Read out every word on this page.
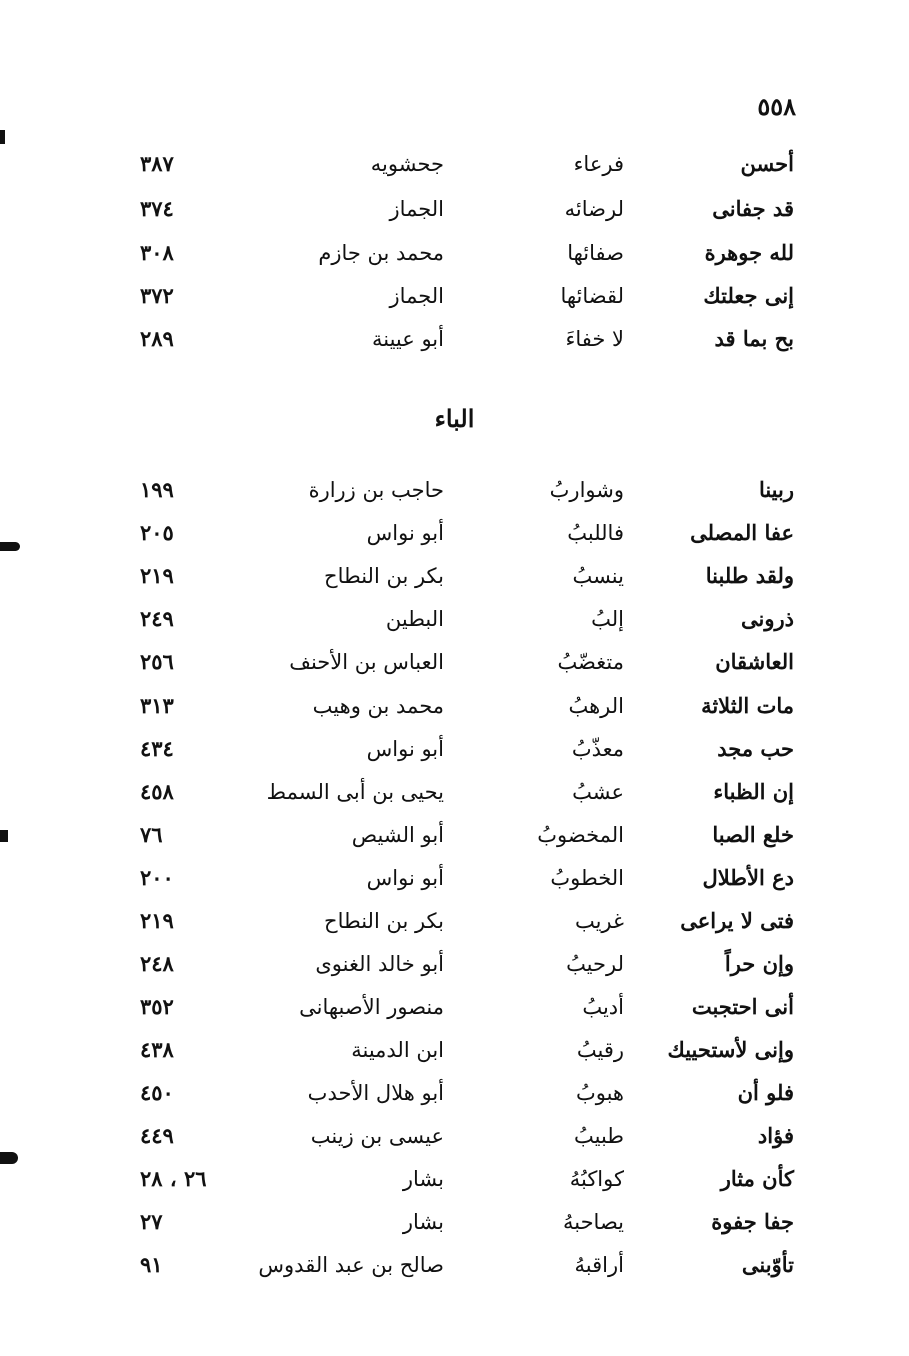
٥٥٨
أحسن
فرعاء
جحشويه
٣٨٧
قد جفانى
لرضائه
الجماز
٣٧٤
لله جوهرة
صفائها
محمد بن جازم
٣٠٨
إنى جعلتك
لقضائها
الجماز
٣٧٢
بح بما قد
لا خفاءَ
أبو عيينة
٢٨٩
الباء
ربينا
وشواربُ
حاجب بن زرارة
١٩٩
عفا المصلى
فاللببُ
أبو نواس
٢٠٥
ولقد طلبنا
ينسبُ
بكر بن النطاح
٢١٩
ذرونى
إلبُ
البطين
٢٤٩
العاشقان
متغضّبُ
العباس بن الأحنف
٢٥٦
مات الثلاثة
الرهبُ
محمد بن وهيب
٣١٣
حب مجد
معذّبُ
أبو نواس
٤٣٤
إن الظباء
عشبُ
يحيى بن أبى السمط
٤٥٨
خلع الصبا
المخضوبُ
أبو الشيص
٧٦
دع الأطلال
الخطوبُ
أبو نواس
٢٠٠
فتى لا يراعى
غريب
بكر بن النطاح
٢١٩
وإن حراً
لرحيبُ
أبو خالد الغنوى
٢٤٨
أنى احتجبت
أديبُ
منصور الأصبهانى
٣٥٢
وإنى لأستحييك
رقيبُ
ابن الدمينة
٤٣٨
فلو أن
هبوبُ
أبو هلال الأحدب
٤٥٠
فؤاد
طبيبُ
عيسى بن زينب
٤٤٩
كأن مثار
كواكبُهُ
بشار
٢٦ ، ٢٨
جفا جفوة
يصاحبهُ
بشار
٢٧
تأوّبنى
أراقبهُ
صالح بن عبد القدوس
٩١
